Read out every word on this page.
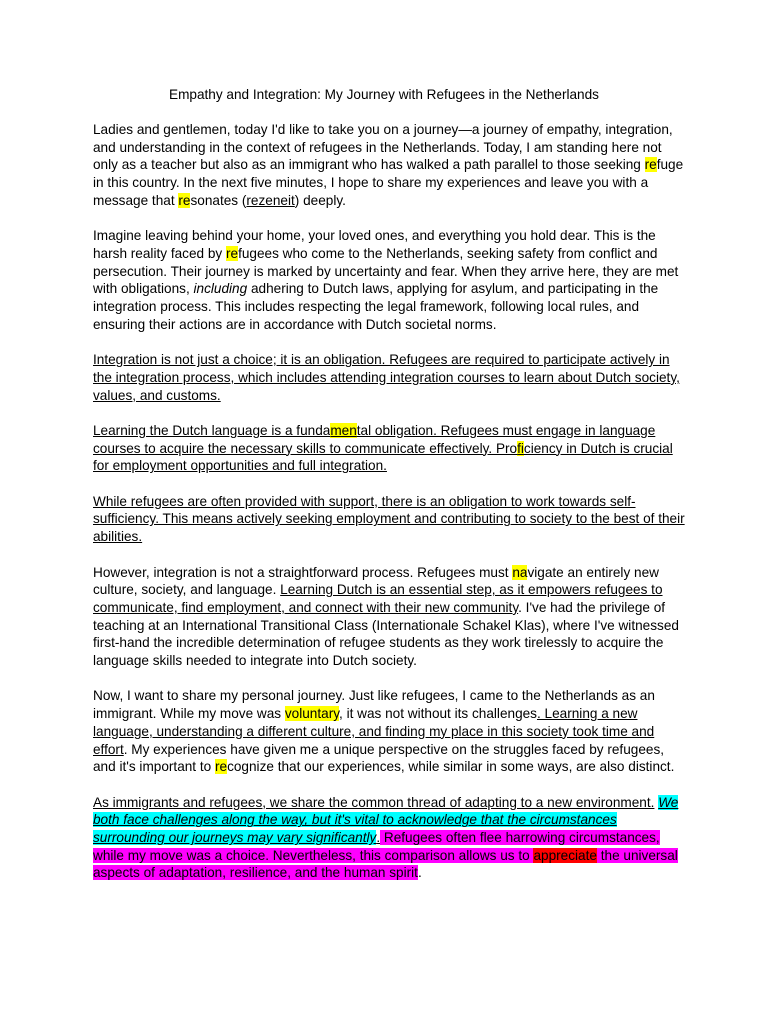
Empathy and Integration: My Journey with Refugees in the Netherlands

Ladies and gentlemen, today I'd like to take you on a journey—a journey of empathy, integration, and understanding in the context of refugees in the Netherlands. Today, I am standing here not only as a teacher but also as an immigrant who has walked a path parallel to those seeking refuge in this country. In the next five minutes, I hope to share my experiences and leave you with a message that resonates (rezeneit) deeply.

Imagine leaving behind your home, your loved ones, and everything you hold dear. This is the harsh reality faced by refugees who come to the Netherlands, seeking safety from conflict and persecution. Their journey is marked by uncertainty and fear. When they arrive here, they are met with obligations, including adhering to Dutch laws, applying for asylum, and participating in the integration process. This includes respecting the legal framework, following local rules, and ensuring their actions are in accordance with Dutch societal norms.

Integration is not just a choice; it is an obligation. Refugees are required to participate actively in the integration process, which includes attending integration courses to learn about Dutch society, values, and customs.

Learning the Dutch language is a fundamental obligation. Refugees must engage in language courses to acquire the necessary skills to communicate effectively. Proficiency in Dutch is crucial for employment opportunities and full integration.

While refugees are often provided with support, there is an obligation to work towards self-sufficiency. This means actively seeking employment and contributing to society to the best of their abilities.

However, integration is not a straightforward process. Refugees must navigate an entirely new culture, society, and language. Learning Dutch is an essential step, as it empowers refugees to communicate, find employment, and connect with their new community. I've had the privilege of teaching at an International Transitional Class (Internationale Schakel Klas), where I've witnessed first-hand the incredible determination of refugee students as they work tirelessly to acquire the language skills needed to integrate into Dutch society.

Now, I want to share my personal journey. Just like refugees, I came to the Netherlands as an immigrant. While my move was voluntary, it was not without its challenges. Learning a new language, understanding a different culture, and finding my place in this society took time and effort. My experiences have given me a unique perspective on the struggles faced by refugees, and it's important to recognize that our experiences, while similar in some ways, are also distinct.

As immigrants and refugees, we share the common thread of adapting to a new environment. We both face challenges along the way, but it's vital to acknowledge that the circumstances surrounding our journeys may vary significantly. Refugees often flee harrowing circumstances, while my move was a choice. Nevertheless, this comparison allows us to appreciate the universal aspects of adaptation, resilience, and the human spirit.
